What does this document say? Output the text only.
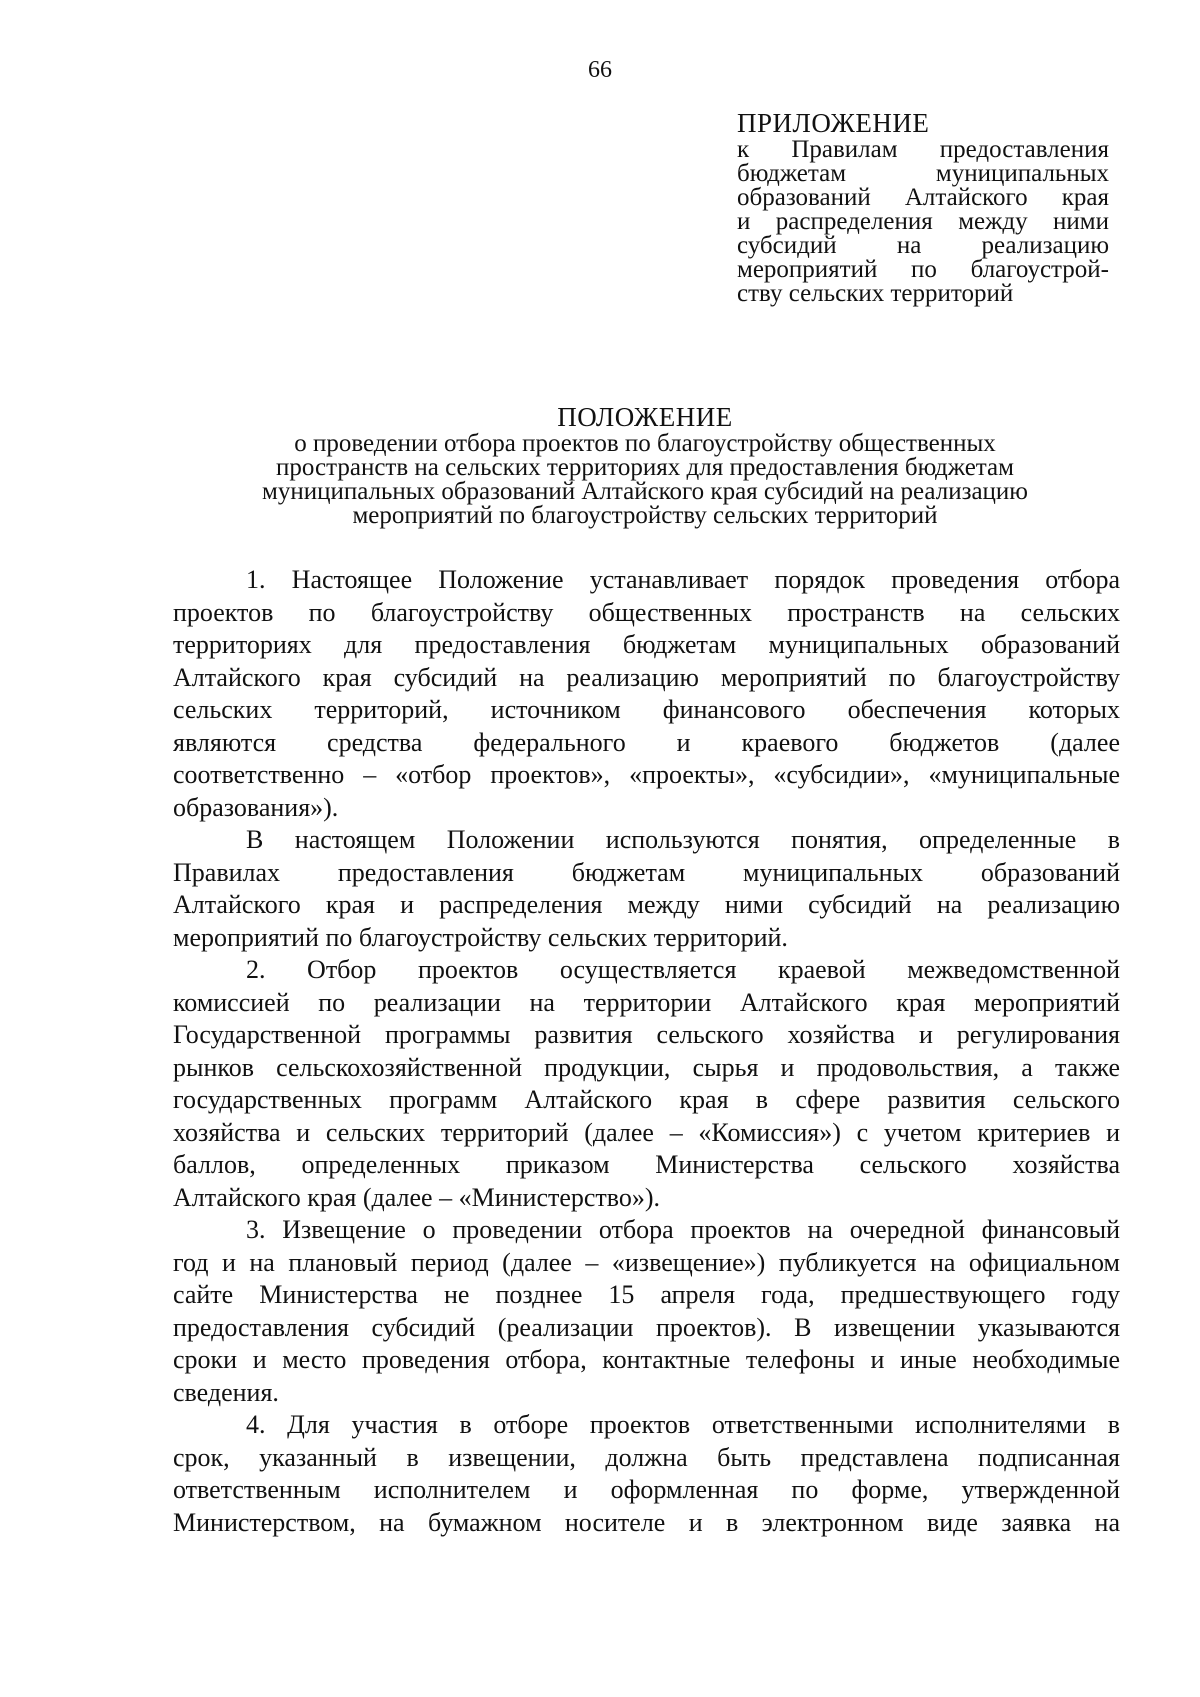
66
ПРИЛОЖЕНИЕ
к Правилам предоставления
бюджетам муниципальных
образований Алтайского края
и распределения между ними
субсидий на реализацию
мероприятий по благоустрой-
ству сельских территорий
ПОЛОЖЕНИЕ
о проведении отбора проектов по благоустройству общественных
пространств на сельских территориях для предоставления бюджетам
муниципальных образований Алтайского края субсидий на реализацию
мероприятий по благоустройству сельских территорий
1. Настоящее Положение устанавливает порядок проведения отбора
проектов по благоустройству общественных пространств на сельских
территориях для предоставления бюджетам муниципальных образований
Алтайского края субсидий на реализацию мероприятий по благоустройству
сельских территорий, источником финансового обеспечения которых
являются средства федерального и краевого бюджетов (далее
соответственно – «отбор проектов», «проекты», «субсидии», «муниципальные
образования»).
В настоящем Положении используются понятия, определенные в
Правилах предоставления бюджетам муниципальных образований
Алтайского края и распределения между ними субсидий на реализацию
мероприятий по благоустройству сельских территорий.
2. Отбор проектов осуществляется краевой межведомственной
комиссией по реализации на территории Алтайского края мероприятий
Государственной программы развития сельского хозяйства и регулирования
рынков сельскохозяйственной продукции, сырья и продовольствия, а также
государственных программ Алтайского края в сфере развития сельского
хозяйства и сельских территорий (далее – «Комиссия») с учетом критериев и
баллов, определенных приказом Министерства сельского хозяйства
Алтайского края (далее – «Министерство»).
3. Извещение о проведении отбора проектов на очередной финансовый
год и на плановый период (далее – «извещение») публикуется на официальном
сайте Министерства не позднее 15 апреля года, предшествующего году
предоставления субсидий (реализации проектов). В извещении указываются
сроки и место проведения отбора, контактные телефоны и иные необходимые
сведения.
4. Для участия в отборе проектов ответственными исполнителями в
срок, указанный в извещении, должна быть представлена подписанная
ответственным исполнителем и оформленная по форме, утвержденной
Министерством, на бумажном носителе и в электронном виде заявка на
